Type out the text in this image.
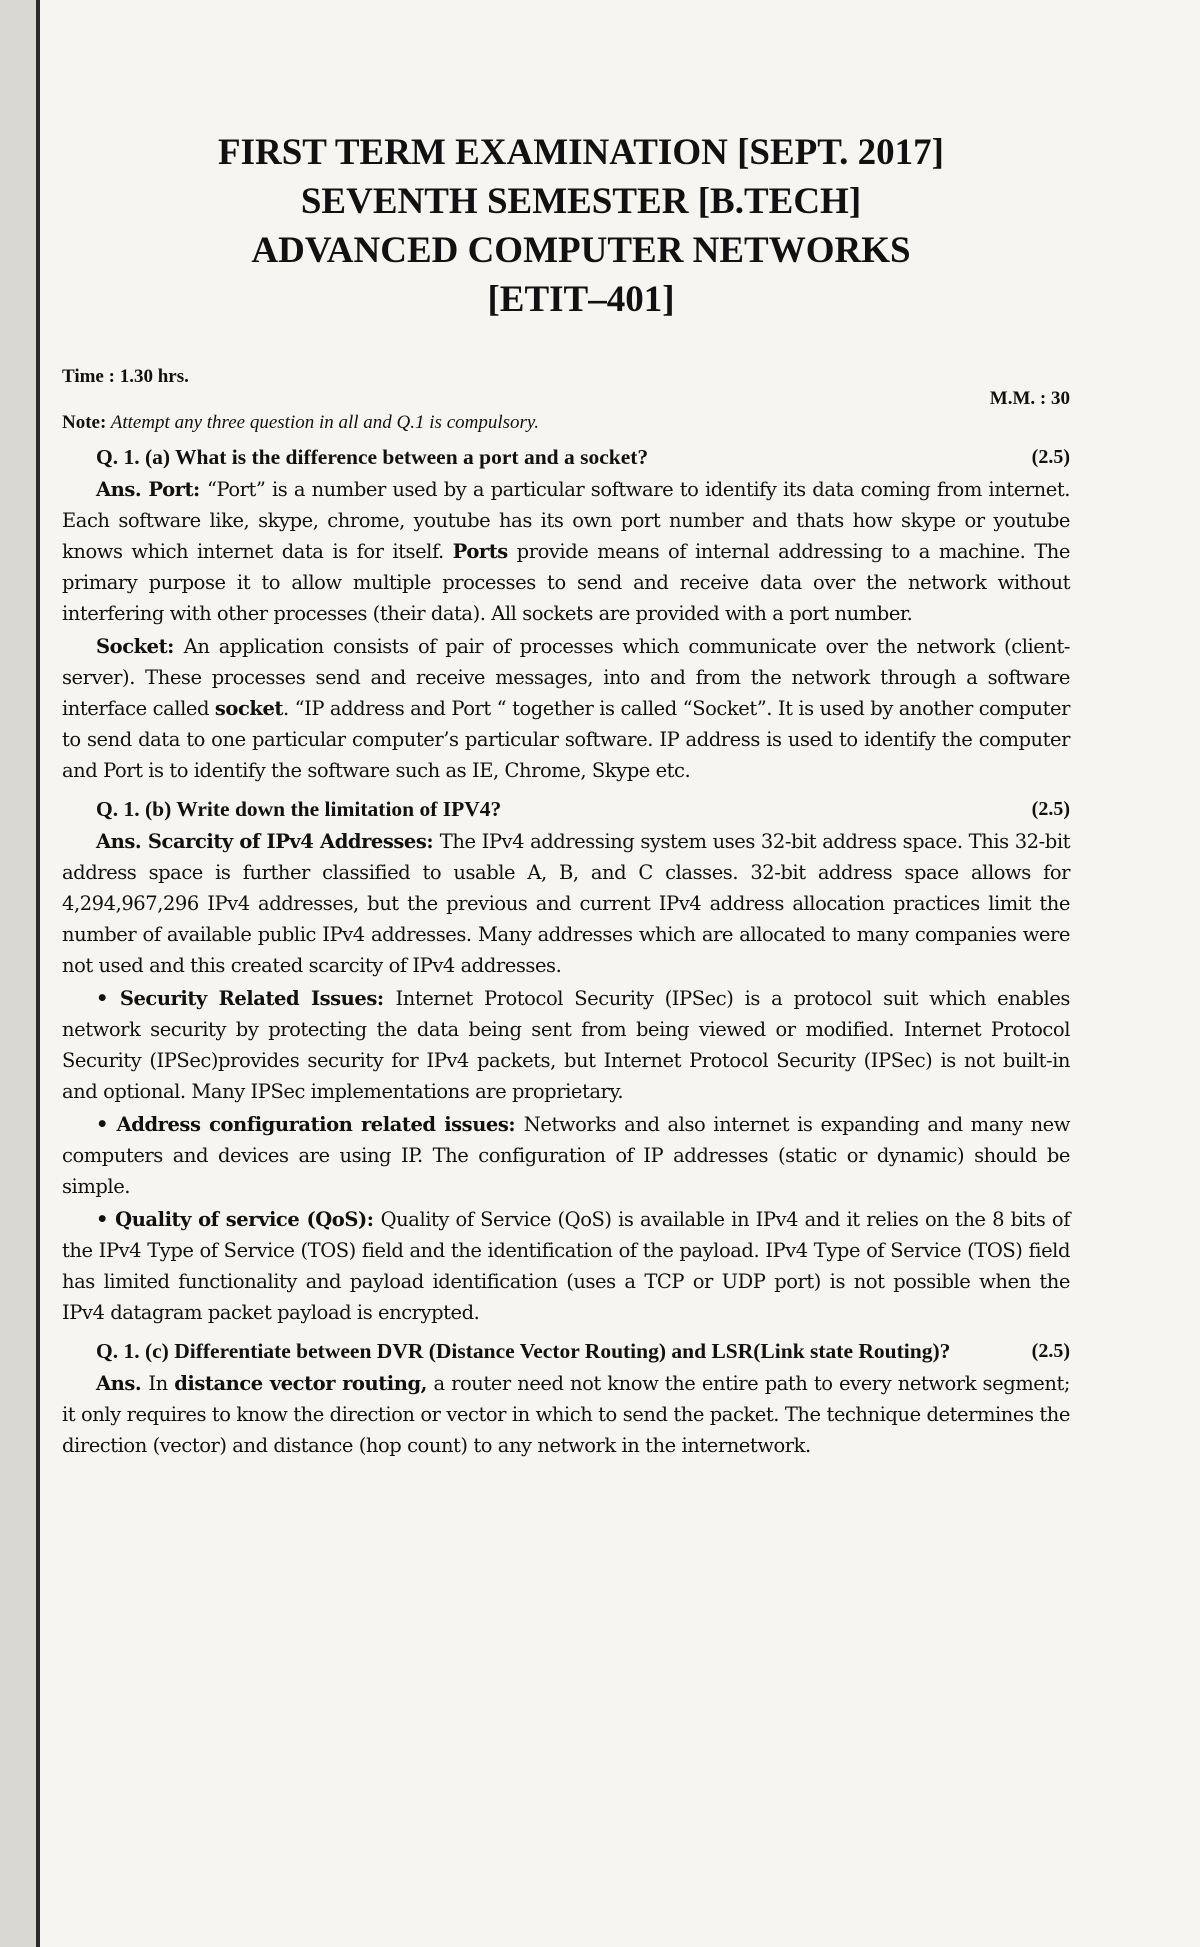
FIRST TERM EXAMINATION [SEPT. 2017]
SEVENTH SEMESTER [B.TECH]
ADVANCED COMPUTER NETWORKS
[ETIT–401]
Time : 1.30 hrs.
M.M. : 30
Note: Attempt any three question in all and Q.1 is compulsory.
Q. 1. (a) What is the difference between a port and a socket?	(2.5)

Ans. Port: “Port” is a number used by a particular software to identify its data coming from internet. Each software like, skype, chrome, youtube has its own port number and thats how skype or youtube knows which internet data is for itself. Ports provide means of internal addressing to a machine. The primary purpose it to allow multiple processes to send and receive data over the network without interfering with other processes (their data). All sockets are provided with a port number.

Socket: An application consists of pair of processes which communicate over the network (client-server). These processes send and receive messages, into and from the network through a software interface called socket. “IP address and Port “ together is called “Socket”. It is used by another computer to send data to one particular computer’s particular software. IP address is used to identify the computer and Port is to identify the software such as IE, Chrome, Skype etc.

Q. 1. (b) Write down the limitation of IPV4?	(2.5)

Ans. Scarcity of IPv4 Addresses: The IPv4 addressing system uses 32-bit address space. This 32-bit address space is further classified to usable A, B, and C classes. 32-bit address space allows for 4,294,967,296 IPv4 addresses, but the previous and current IPv4 address allocation practices limit the number of available public IPv4 addresses. Many addresses which are allocated to many companies were not used and this created scarcity of IPv4 addresses.

• Security Related Issues: Internet Protocol Security (IPSec) is a protocol suit which enables network security by protecting the data being sent from being viewed or modified. Internet Protocol Security (IPSec)provides security for IPv4 packets, but Internet Protocol Security (IPSec) is not built-in and optional. Many IPSec implementations are proprietary.

• Address configuration related issues: Networks and also internet is expanding and many new computers and devices are using IP. The configuration of IP addresses (static or dynamic) should be simple.

• Quality of service (QoS): Quality of Service (QoS) is available in IPv4 and it relies on the 8 bits of the IPv4 Type of Service (TOS) field and the identification of the payload. IPv4 Type of Service (TOS) field has limited functionality and payload identification (uses a TCP or UDP port) is not possible when the IPv4 datagram packet payload is encrypted.

Q. 1. (c) Differentiate between DVR (Distance Vector Routing) and LSR(Link state Routing)?	(2.5)

Ans. In distance vector routing, a router need not know the entire path to every network segment; it only requires to know the direction or vector in which to send the packet. The technique determines the direction (vector) and distance (hop count) to any network in the internetwork.
